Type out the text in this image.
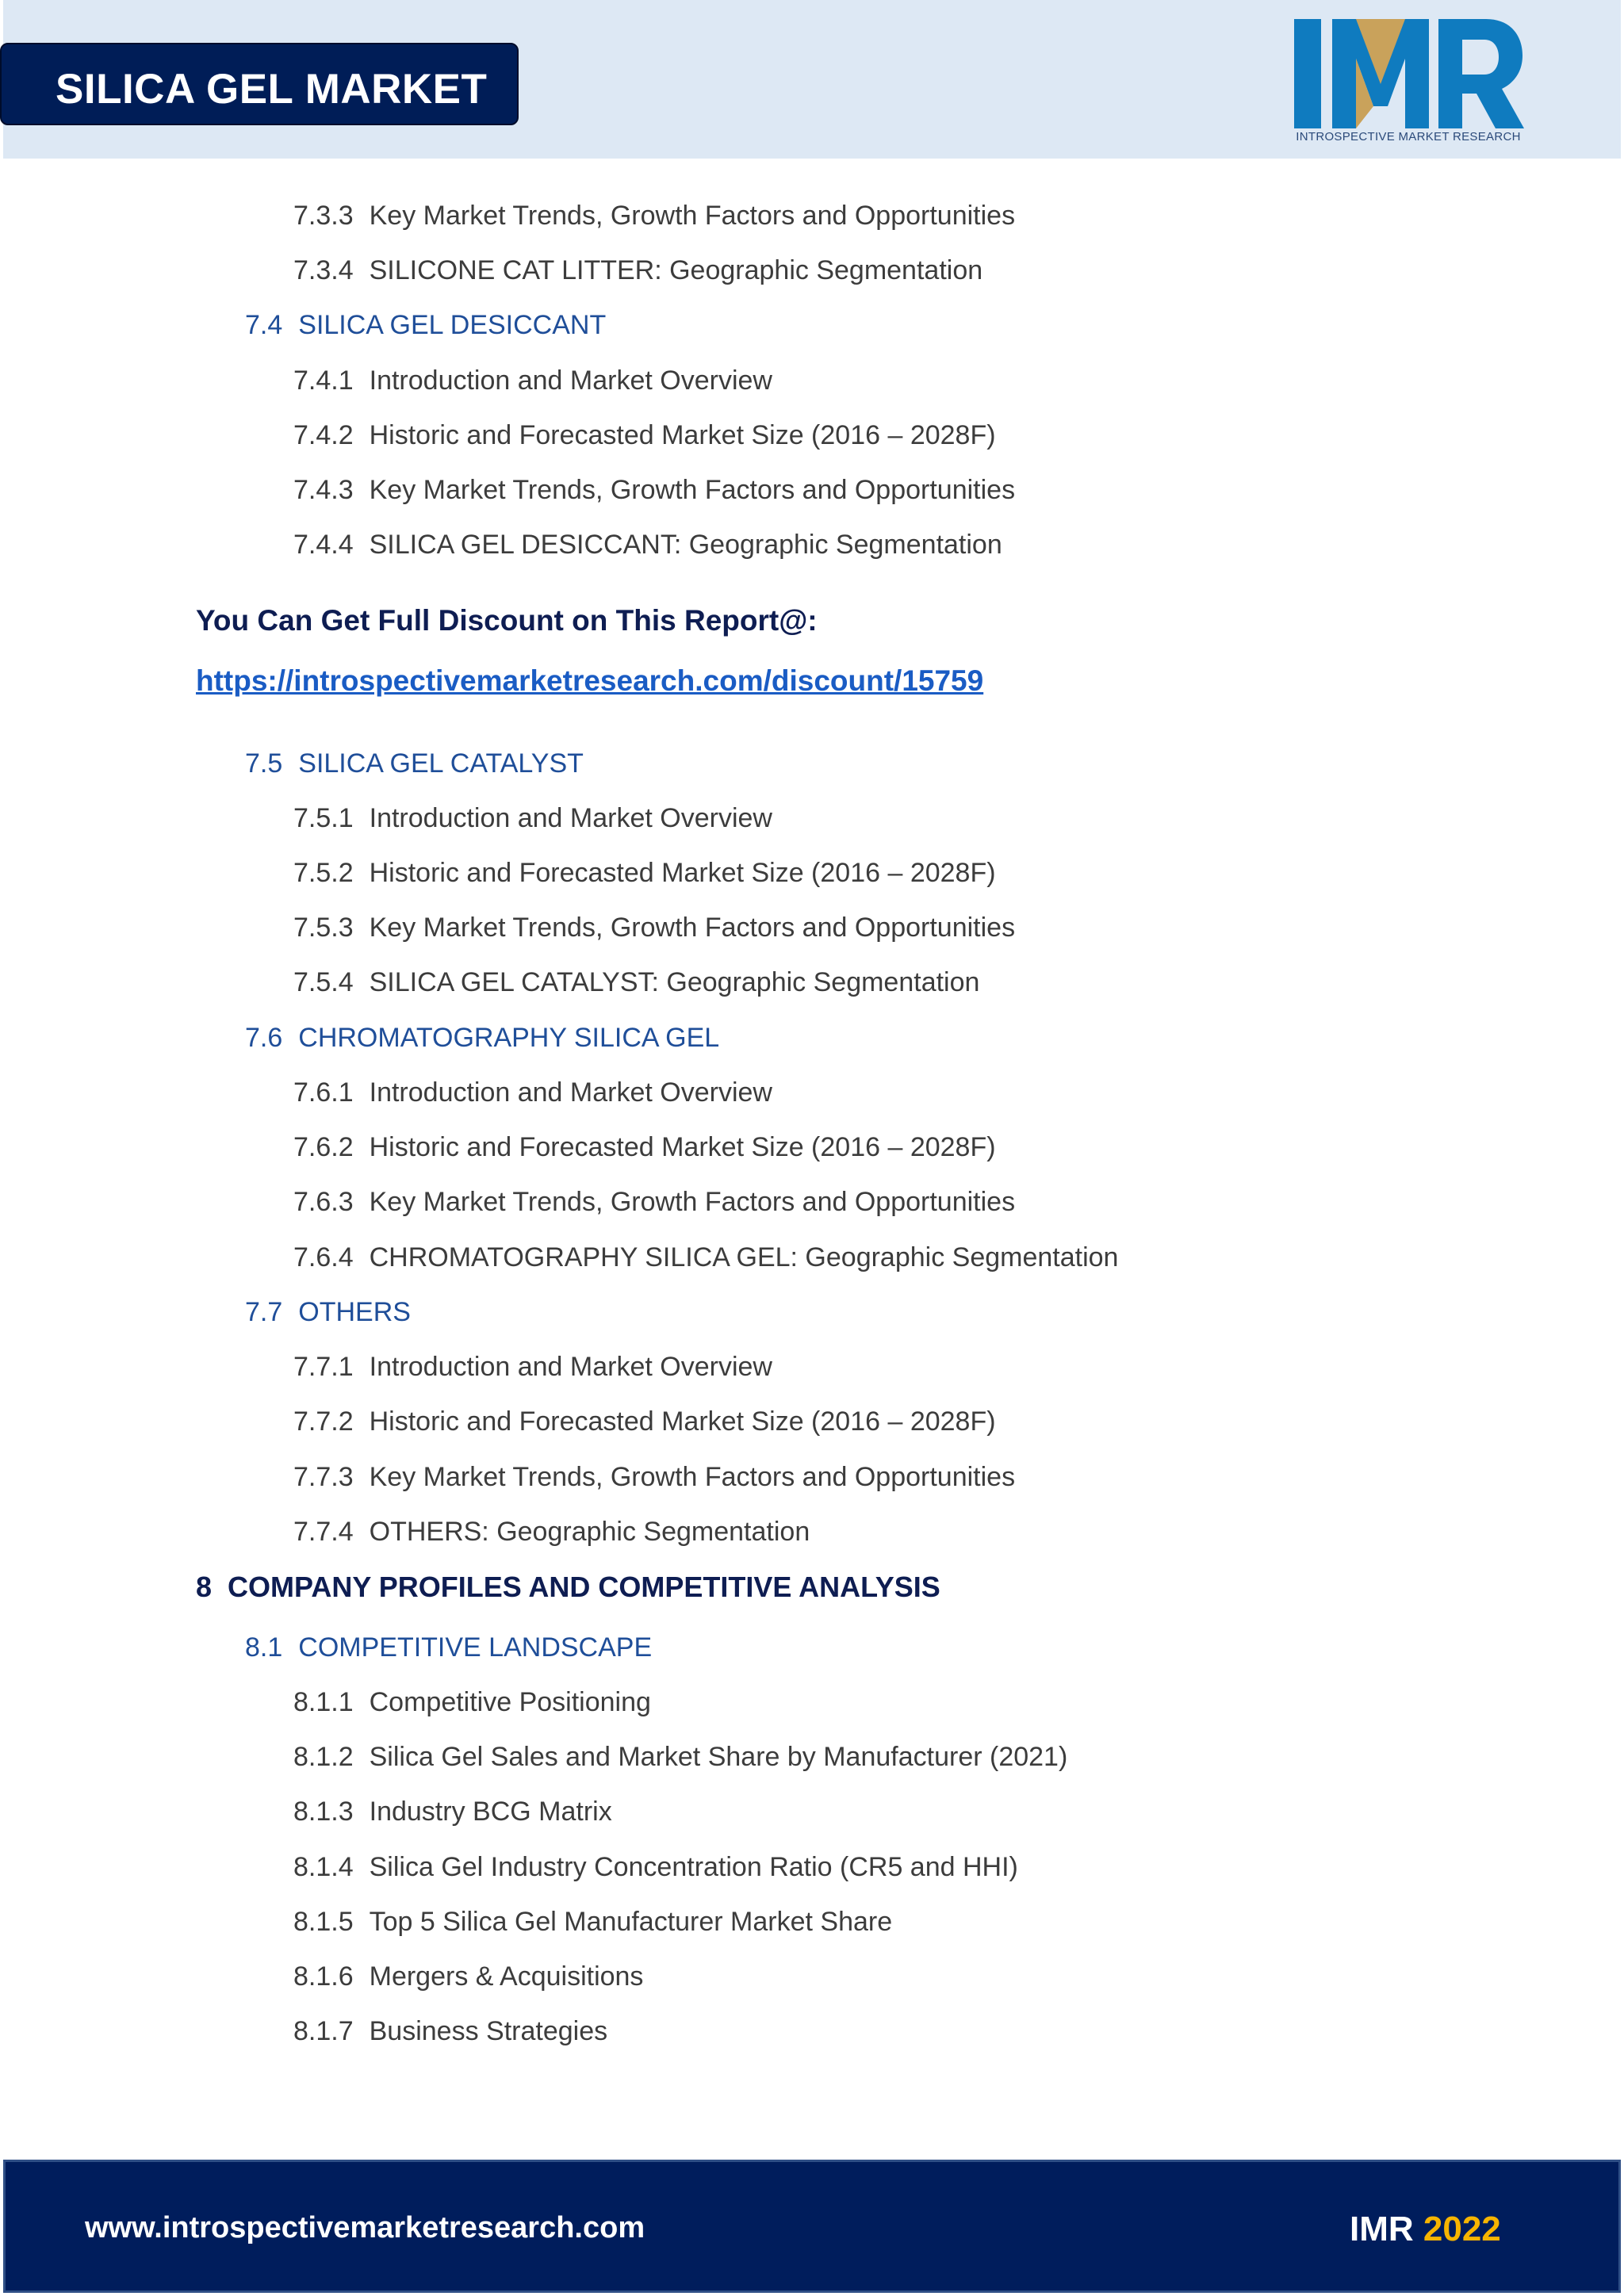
SILICA GEL MARKET
INTROSPECTIVE MARKET RESEARCH
7.3.3 Key Market Trends, Growth Factors and Opportunities
7.3.4 SILICONE CAT LITTER: Geographic Segmentation
7.4 SILICA GEL DESICCANT
7.4.1 Introduction and Market Overview
7.4.2 Historic and Forecasted Market Size (2016 – 2028F)
7.4.3 Key Market Trends, Growth Factors and Opportunities
7.4.4 SILICA GEL DESICCANT: Geographic Segmentation
You Can Get Full Discount on This Report@:
https://introspectivemarketresearch.com/discount/15759
7.5 SILICA GEL CATALYST
7.5.1 Introduction and Market Overview
7.5.2 Historic and Forecasted Market Size (2016 – 2028F)
7.5.3 Key Market Trends, Growth Factors and Opportunities
7.5.4 SILICA GEL CATALYST: Geographic Segmentation
7.6 CHROMATOGRAPHY SILICA GEL
7.6.1 Introduction and Market Overview
7.6.2 Historic and Forecasted Market Size (2016 – 2028F)
7.6.3 Key Market Trends, Growth Factors and Opportunities
7.6.4 CHROMATOGRAPHY SILICA GEL: Geographic Segmentation
7.7 OTHERS
7.7.1 Introduction and Market Overview
7.7.2 Historic and Forecasted Market Size (2016 – 2028F)
7.7.3 Key Market Trends, Growth Factors and Opportunities
7.7.4 OTHERS: Geographic Segmentation
8 COMPANY PROFILES AND COMPETITIVE ANALYSIS
8.1 COMPETITIVE LANDSCAPE
8.1.1 Competitive Positioning
8.1.2 Silica Gel Sales and Market Share by Manufacturer (2021)
8.1.3 Industry BCG Matrix
8.1.4 Silica Gel Industry Concentration Ratio (CR5 and HHI)
8.1.5 Top 5 Silica Gel Manufacturer Market Share
8.1.6 Mergers & Acquisitions
8.1.7 Business Strategies
www.introspectivemarketresearch.com	IMR 2022
